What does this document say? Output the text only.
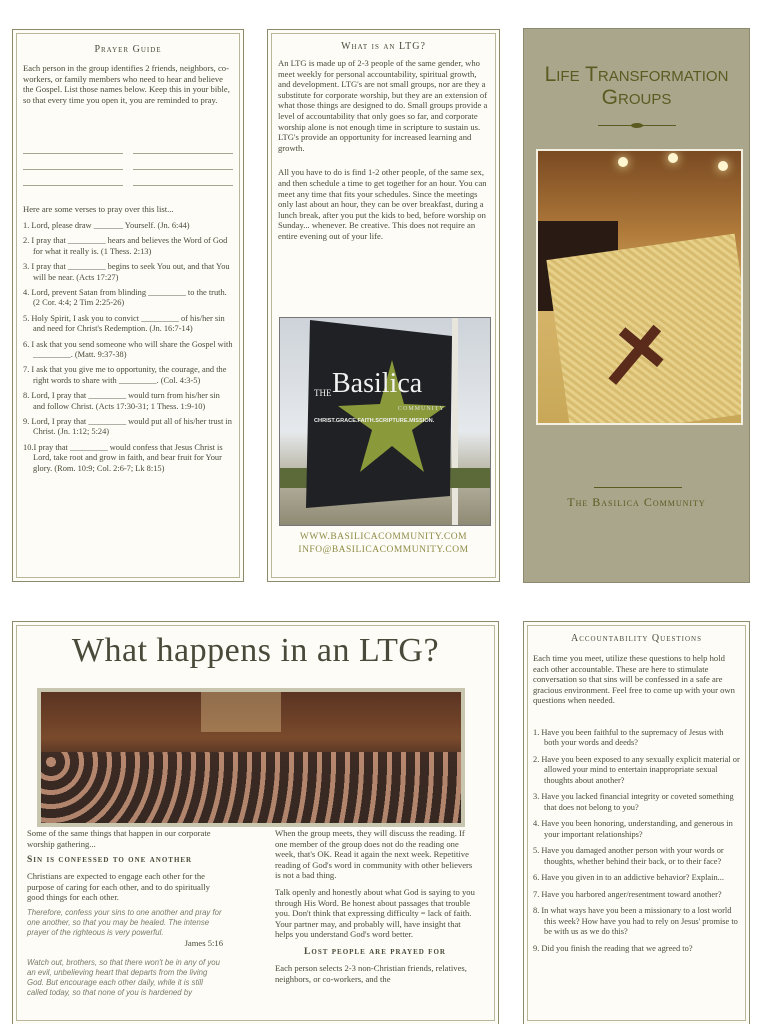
Prayer Guide
Each person in the group identifies 2 friends, neighbors, co-workers, or family members who need to hear and believe the Gospel. List those names below. Keep this in your bible, so that every time you open it, you are reminded to pray.
Here are some verses to pray over this list...
1. Lord, please draw _______ Yourself. (Jn. 6:44)
2. I pray that _________ hears and believes the Word of God for what it really is. (1 Thess. 2:13)
3. I pray that _________ begins to seek You out, and that You will be near. (Acts 17:27)
4. Lord, prevent Satan from blinding _________ to the truth. (2 Cor. 4:4; 2 Tim 2:25-26)
5. Holy Spirit, I ask you to convict _________ of his/her sin and need for Christ's Redemption. (Jn. 16:7-14)
6. I ask that you send someone who will share the Gospel with _________. (Matt. 9:37-38)
7. I ask that you give me to opportunity, the courage, and the right words to share with _________. (Col. 4:3-5)
8. Lord, I pray that _________ would turn from his/her sin and follow Christ. (Acts 17:30-31; 1 Thess. 1:9-10)
9. Lord, I pray that _________ would put all of his/her trust in Christ. (Jn. 1:12; 5:24)
10.I pray that _________ would confess that Jesus Christ is Lord, take root and grow in faith, and bear fruit for Your glory. (Rom. 10:9; Col. 2:6-7; Lk 8:15)
What is an LTG?
An LTG is made up of 2-3 people of the same gender, who meet weekly for personal accountability, spiritual growth, and development. LTG's are not small groups, nor are they a substitute for corporate worship, but they are an extension of what those things are designed to do. Small groups provide a level of accountability that only goes so far, and corporate worship alone is not enough time in scripture to sustain us. LTG's provide an opportunity for increased learning and growth.
All you have to do is find 1-2 other people, of the same sex, and then schedule a time to get together for an hour. You can meet any time that fits your schedules. Since the meetings only last about an hour, they can be over breakfast, during a lunch break, after you put the kids to bed, before worship on Sunday... whenever. Be creative. This does not require an entire evening out of your life.
THE Basilica
COMMUNITY
CHRIST.GRACE.FAITH.SCRIPTURE.MISSION.
WWW.BASILICACOMMUNITY.COM
INFO@BASILICACOMMUNITY.COM
Life Transformation
Groups
The Basilica Community
What happens in an LTG?
Some of the same things that happen in our corporate worship gathering...
Sin is confessed to one another
Christians are expected to engage each other for the purpose of caring for each other, and to do spiritually good things for each other.
Therefore, confess your sins to one another and pray for one another, so that you may be healed. The intense prayer of the righteous is very powerful.
James 5:16
Watch out, brothers, so that there won't be in any of you an evil, unbelieving heart that departs from the living God. But encourage each other daily, while it is still called today, so that none of you is hardened by
When the group meets, they will discuss the reading. If one member of the group does not do the reading one week, that's OK. Read it again the next week. Repetitive reading of God's word in community with other believers is not a bad thing.
Talk openly and honestly about what God is saying to you through His Word. Be honest about passages that trouble you. Don't think that expressing difficulty = lack of faith. Your partner may, and probably will, have insight that helps you understand God's word better.
Lost people are prayed for
Each person selects 2-3 non-Christian friends, relatives, neighbors, or co-workers, and the
Accountability Questions
Each time you meet, utilize these questions to help hold each other accountable. These are here to stimulate conversation so that sins will be confessed in a safe are gracious environment. Feel free to come up with your own questions when needed.
1. Have you been faithful to the supremacy of Jesus with both your words and deeds?
2. Have you been exposed to any sexually explicit material or allowed your mind to entertain inappropriate sexual thoughts about another?
3. Have you lacked financial integrity or coveted something that does not belong to you?
4. Have you been honoring, understanding, and generous in your important relationships?
5. Have you damaged another person with your words or thoughts, whether behind their back, or to their face?
6. Have you given in to an addictive behavior? Explain...
7. Have you harbored anger/resentment toward another?
8. In what ways have you been a missionary to a lost world this week? How have you had to rely on Jesus' promise to be with us as we do this?
9. Did you finish the reading that we agreed to?
